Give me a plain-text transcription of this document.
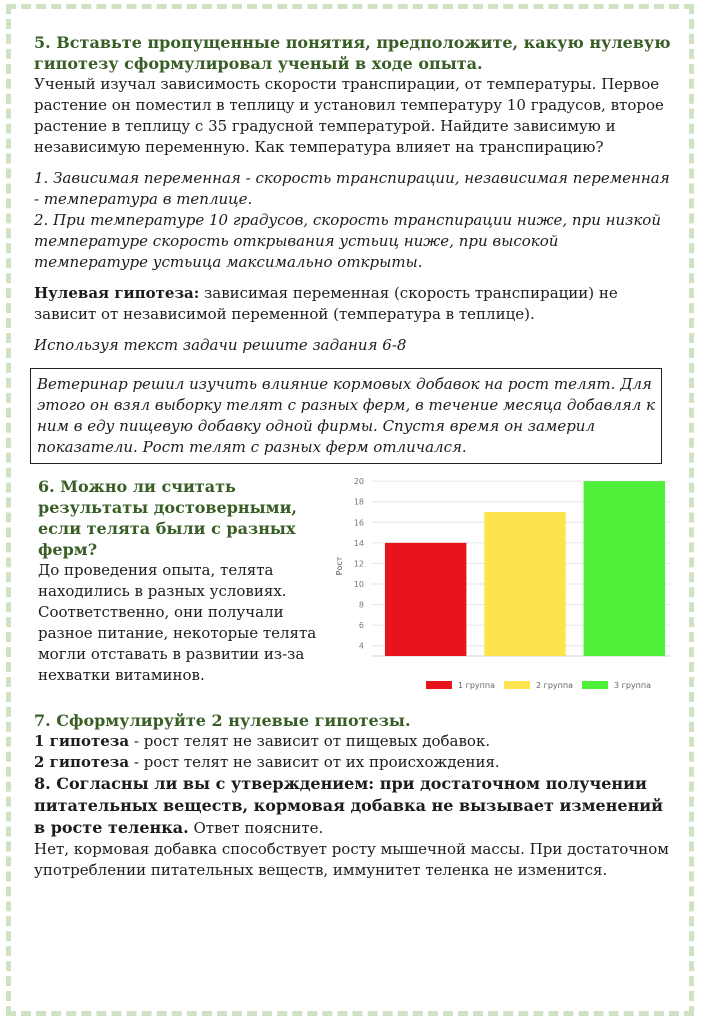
5. Вставьте пропущенные понятия, предположите, какую нулевую гипотезу сформулировал ученый в ходе опыта.

Ученый изучал зависимость скорости транспирации, от температуры. Первое растение он поместил в теплицу и установил температуру 10 градусов, второе растение в теплицу с 35 градусной температурой. Найдите зависимую и независимую переменную. Как температура влияет на транспирацию?

1. Зависимая переменная - скорость транспирации, независимая переменная - температура в теплице.

2. При температуре 10 градусов, скорость транспирации ниже, при низкой температуре скорость открывания устьиц ниже, при высокой температуре устьица максимально открыты.

Нулевая гипотеза: зависимая переменная (скорость транспирации) не зависит от независимой переменной (температура в теплице).

Используя текст задачи решите задания 6-8

Ветеринар решил изучить влияние кормовых добавок на рост телят. Для этого он взял выборку телят с разных ферм, в течение месяца добавлял к ним в еду пищевую добавку одной фирмы. Спустя время он замерил показатели. Рост телят с разных ферм отличался.

6. Можно ли считать результаты достоверными, если телята были с разных ферм?

До проведения опыта, телята находились в разных условиях. Соответственно, они получали разное питание, некоторые телята могли отставать в развитии из-за нехватки витаминов.

4
6
8
10
12
14
16
18
20
Рост
1 группа	2 группа	3 группа

7. Сформулируйте 2 нулевые гипотезы.

1 гипотеза - рост телят не зависит от пищевых добавок.

2 гипотеза - рост телят не зависит от их происхождения.

8. Согласны ли вы с утверждением: при достаточном получении питательных веществ, кормовая добавка не вызывает изменений в росте теленка. Ответ поясните.

Нет, кормовая добавка способствует росту мышечной массы. При достаточном употреблении питательных веществ, иммунитет теленка не изменится.
